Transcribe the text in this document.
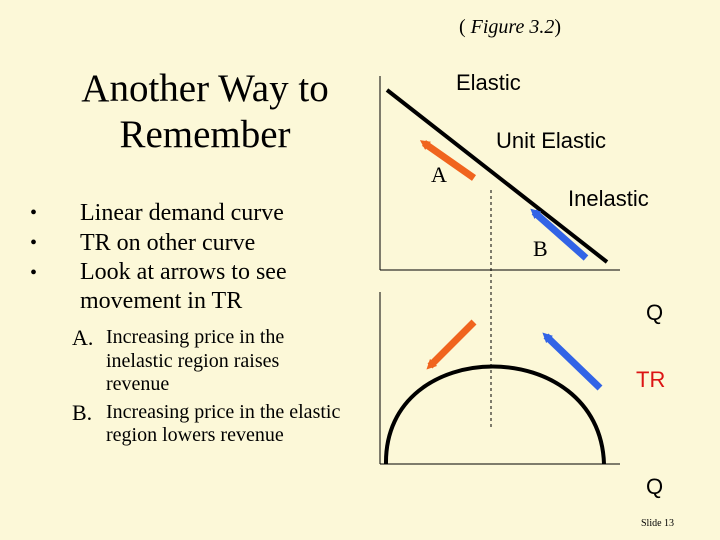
( Figure 3.2)
Another Way to
Remember
•	Linear demand curve
•	TR on other curve
•	Look at arrows to see movement in TR
A. Increasing price in the inelastic region raises revenue
B. Increasing price in the elastic region lowers revenue
Elastic
Unit Elastic
A
Inelastic
B
Q
TR
Q
Slide 13
